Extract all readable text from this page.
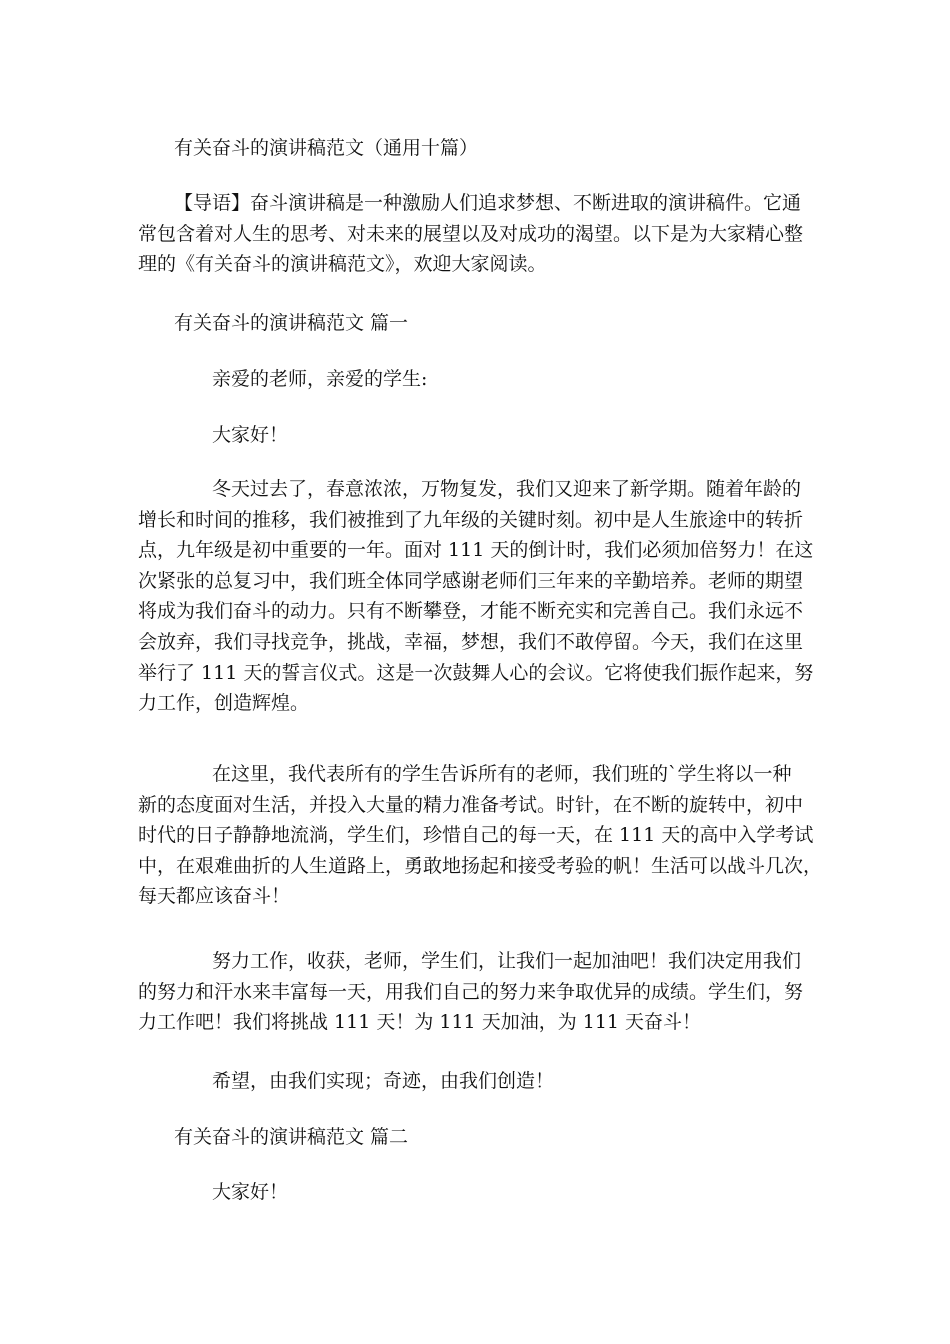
有关奋斗的演讲稿范文（通用十篇）
【导语】奋斗演讲稿是一种激励人们追求梦想、不断进取的演讲稿件。它通
常包含着对人生的思考、对未来的展望以及对成功的渴望。以下是为大家精心整
理的《有关奋斗的演讲稿范文》，欢迎大家阅读。
有关奋斗的演讲稿范文 篇一
亲爱的老师，亲爱的学生:
大家好！
冬天过去了，春意浓浓，万物复发，我们又迎来了新学期。随着年龄的
增长和时间的推移，我们被推到了九年级的关键时刻。初中是人生旅途中的转折
点，九年级是初中重要的一年。面对 111 天的倒计时，我们必须加倍努力！在这
次紧张的总复习中，我们班全体同学感谢老师们三年来的辛勤培养。老师的期望
将成为我们奋斗的动力。只有不断攀登，才能不断充实和完善自己。我们永远不
会放弃，我们寻找竞争，挑战，幸福，梦想，我们不敢停留。今天，我们在这里
举行了 111 天的誓言仪式。这是一次鼓舞人心的会议。它将使我们振作起来，努
力工作，创造辉煌。
在这里，我代表所有的学生告诉所有的老师，我们班的`学生将以一种
新的态度面对生活，并投入大量的精力准备考试。时针，在不断的旋转中，初中
时代的日子静静地流淌，学生们，珍惜自己的每一天，在 111 天的高中入学考试
中，在艰难曲折的人生道路上，勇敢地扬起和接受考验的帆！生活可以战斗几次，
每天都应该奋斗！
努力工作，收获，老师，学生们，让我们一起加油吧！我们决定用我们
的努力和汗水来丰富每一天，用我们自己的努力来争取优异的成绩。学生们，努
力工作吧！我们将挑战 111 天！为 111 天加油，为 111 天奋斗！
希望，由我们实现；奇迹，由我们创造！
有关奋斗的演讲稿范文 篇二
大家好！
